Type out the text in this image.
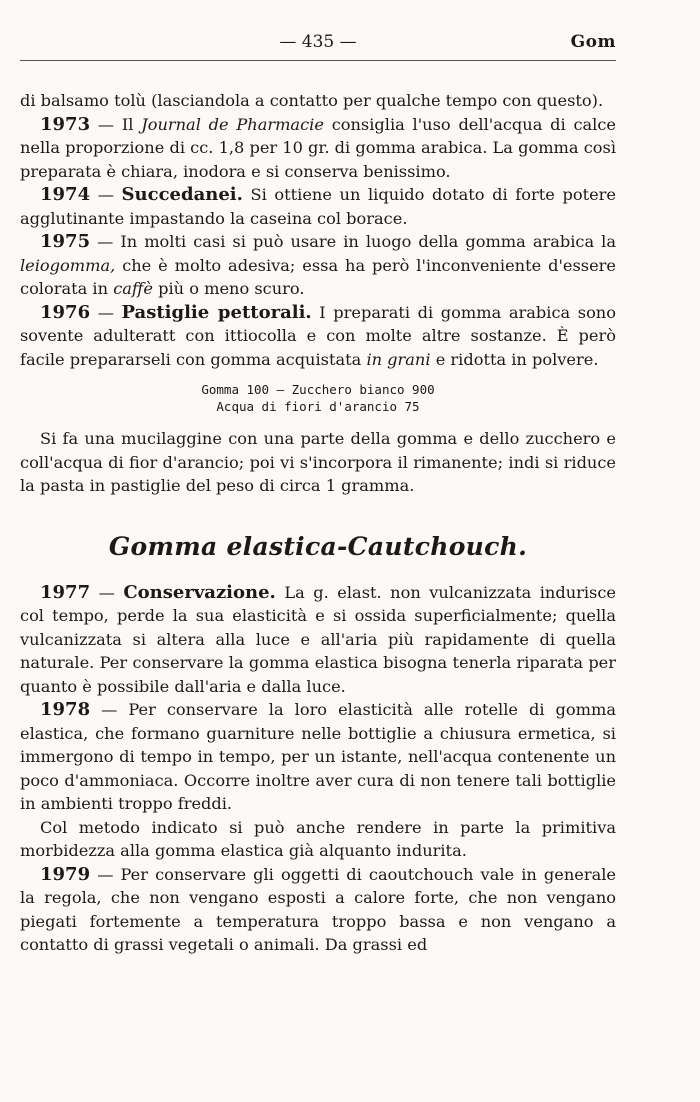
— 435 —	Gom

di balsamo tolù (lasciandola a contatto per qualche tempo con questo).

1973 — Il Journal de Pharmacie consiglia l'uso dell'acqua di calce nella proporzione di cc. 1,8 per 10 gr. di gomma arabica. La gomma così preparata è chiara, inodora e si conserva benissimo.

1974 — Succedanei. Si ottiene un liquido dotato di forte potere agglutinante impastando la caseina col borace.

1975 — In molti casi si può usare in luogo della gomma arabica la leiogomma, che è molto adesiva; essa ha però l'inconveniente d'essere colorata in caffè più o meno scuro.

1976 — Pastiglie pettorali. I preparati di gomma arabica sono sovente adulteratt con ittiocolla e con molte altre sostanze. È però facile prepararseli con gomma acquistata in grani e ridotta in polvere.

Gomma 100 — Zucchero bianco 900
Acqua di fiori d'arancio 75

Si fa una mucilaggine con una parte della gomma e dello zucchero e coll'acqua di fior d'arancio; poi vi s'incorpora il rimanente; indi si riduce la pasta in pastiglie del peso di circa 1 gramma.

Gomma elastica-Cautchouch.

1977 — Conservazione. La g. elast. non vulcanizzata indurisce col tempo, perde la sua elasticità e si ossida superficialmente; quella vulcanizzata si altera alla luce e all'aria più rapidamente di quella naturale. Per conservare la gomma elastica bisogna tenerla riparata per quanto è possibile dall'aria e dalla luce.

1978 — Per conservare la loro elasticità alle rotelle di gomma elastica, che formano guarniture nelle bottiglie a chiusura ermetica, si immergono di tempo in tempo, per un istante, nell'acqua contenente un poco d'ammoniaca. Occorre inoltre aver cura di non tenere tali bottiglie in ambienti troppo freddi.

Col metodo indicato si può anche rendere in parte la primitiva morbidezza alla gomma elastica già alquanto indurita.

1979 — Per conservare gli oggetti di caoutchouch vale in generale la regola, che non vengano esposti a calore forte, che non vengano piegati fortemente a temperatura troppo bassa e non vengano a contatto di grassi vegetali o animali. Da grassi ed
